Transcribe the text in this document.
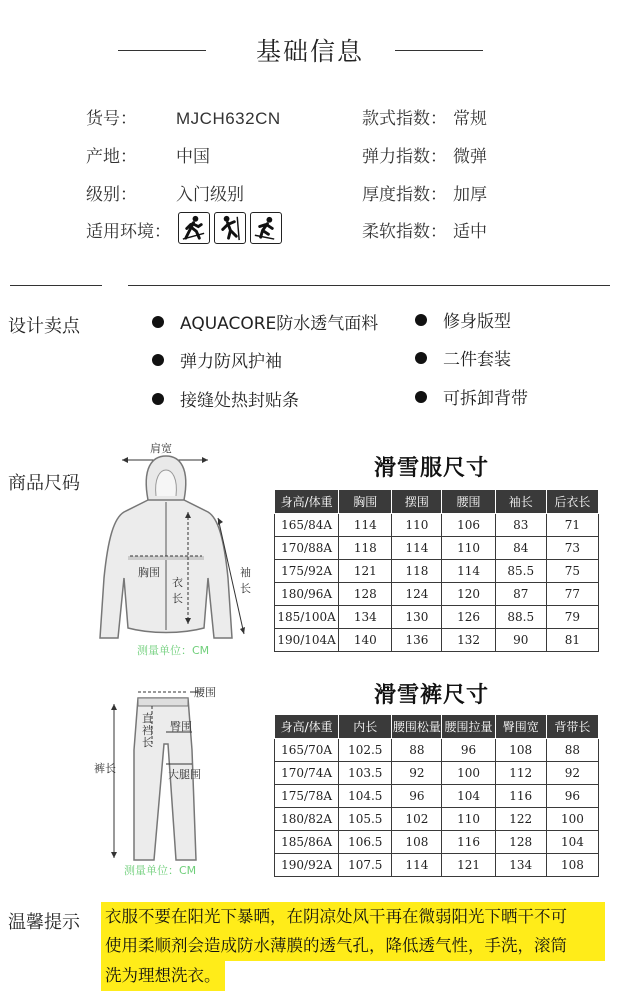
基础信息
货号： MJCH632CN
产地： 中国
级别： 入门级别
适用环境：
款式指数： 常规
弹力指数： 微弹
厚度指数： 加厚
柔软指数： 适中
设计卖点	AQUACORE防水透气面料
弹力防风护袖
接缝处热封贴条
修身版型
二件套装
可拆卸背带
商品尺码
肩宽
胸围
衣
长
袖
长
测量单位：CM
滑雪服尺寸
身高/体重	胸围	摆围	腰围	袖长	后衣长
165/84A	114	110	106	83	71
170/88A	118	114	110	84	73
175/92A	121	118	114	85.5	75
180/96A	128	124	120	87	77
185/100A	134	130	126	88.5	79
190/104A	140	136	132	90	81
腰围
直
裆
长
臀围
大腿围
裤长
测量单位：CM
滑雪裤尺寸
身高/体重	内长	腰围松量	腰围拉量	臀围宽	背带长
165/70A	102.5	88	96	108	88
170/74A	103.5	92	100	112	92
175/78A	104.5	96	104	116	96
180/82A	105.5	102	110	122	100
185/86A	106.5	108	116	128	104
190/92A	107.5	114	121	134	108
温馨提示 衣服不要在阳光下暴晒，在阴凉处风干再在微弱阳光下晒干不可
使用柔顺剂会造成防水薄膜的透气孔，降低透气性，手洗，滚筒
洗为理想洗衣。
